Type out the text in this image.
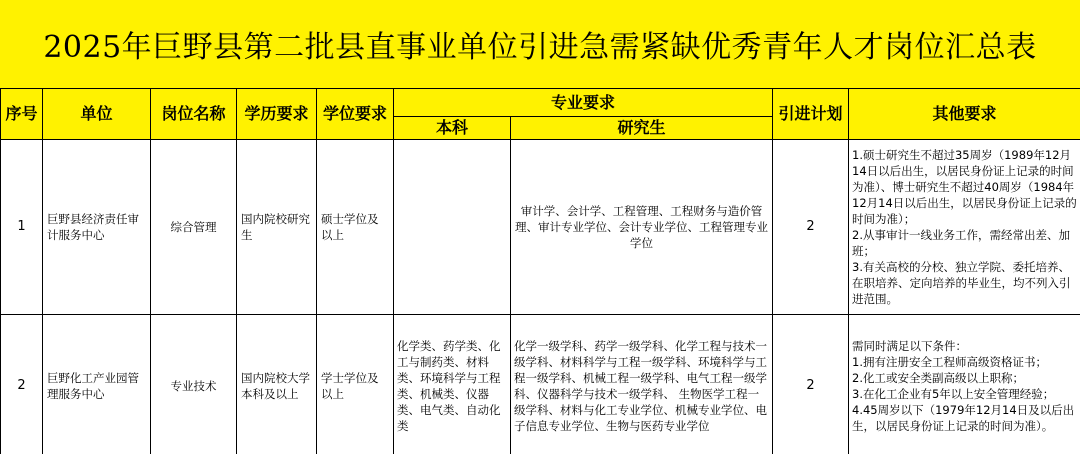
2025年巨野县第二批县直事业单位引进急需紧缺优秀青年人才岗位汇总表
序号	单位	岗位名称	学历要求	学位要求	专业要求		引进计划	其他要求
					本科	研究生		
1	巨野县经济责任审计服务中心	综合管理	国内院校研究生	硕士学位及以上		审计学、会计学、工程管理、工程财务与造价管理、审计专业学位、会计专业学位、工程管理专业学位	2	1.硕士研究生不超过35周岁（1989年12月14日以后出生，以居民身份证上记录的时间为准）、博士研究生不超过40周岁（1984年12月14日以后出生，以居民身份证上记录的时间为准）；
2.从事审计一线业务工作，需经常出差、加班；
3.有关高校的分校、独立学院、委托培养、在职培养、定向培养的毕业生，均不列入引进范围。
2	巨野化工产业园管理服务中心	专业技术	国内院校大学本科及以上	学士学位及以上	化学类、药学类、化工与制药类、材料类、环境科学与工程类、机械类、仪器类、电气类、自动化类	化学一级学科、药学一级学科、化学工程与技术一级学科、材料科学与工程一级学科、环境科学与工程一级学科、机械工程一级学科、电气工程一级学科、仪器科学与技术一级学科、 生物医学工程一级学科、材料与化工专业学位、机械专业学位、电子信息专业学位、生物与医药专业学位	2	需同时满足以下条件：
1.拥有注册安全工程师高级资格证书；
2.化工或安全类副高级以上职称；
3.在化工企业有5年以上安全管理经验；
4.45周岁以下（1979年12月14日及以后出生，以居民身份证上记录的时间为准）。
